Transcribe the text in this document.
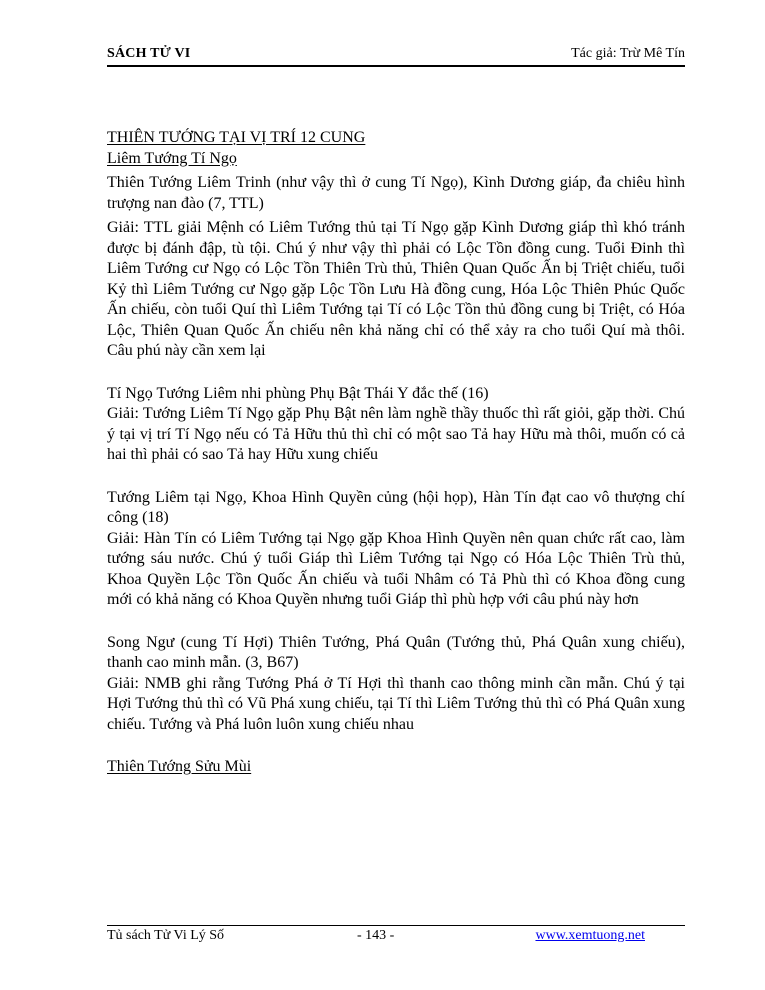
SÁCH TỬ VI	Tác giả: Trừ Mê Tín

THIÊN TƯỚNG TẠI VỊ TRÍ 12 CUNG

Liêm Tướng Tí Ngọ

Thiên Tướng Liêm Trinh (như vậy thì ở cung Tí Ngọ), Kình Dương giáp, đa chiêu hình trượng nan đào (7, TTL)

Giải: TTL giải Mệnh có Liêm Tướng thủ tại Tí Ngọ gặp Kình Dương giáp thì khó tránh được bị đánh đập, tù tội. Chú ý như vậy thì phải có Lộc Tồn đồng cung. Tuổi Đinh thì Liêm Tướng cư Ngọ có Lộc Tồn Thiên Trù thủ, Thiên Quan Quốc Ấn bị Triệt chiếu, tuổi Kỷ thì Liêm Tướng cư Ngọ gặp Lộc Tồn Lưu Hà đồng cung, Hóa Lộc Thiên Phúc Quốc Ấn chiếu, còn tuổi Quí thì Liêm Tướng tại Tí có Lộc Tồn thủ đồng cung bị Triệt, có Hóa Lộc, Thiên Quan Quốc Ấn chiếu nên khả năng chỉ có thể xảy ra cho tuổi Quí mà thôi. Câu phú này cần xem lại

Tí Ngọ Tướng Liêm nhi phùng Phụ Bật Thái Y đắc thế (16)

Giải: Tướng Liêm Tí Ngọ gặp Phụ Bật nên làm nghề thầy thuốc thì rất giỏi, gặp thời. Chú ý tại vị trí Tí Ngọ nếu có Tả Hữu thủ thì chỉ có một sao Tả hay Hữu mà thôi, muốn có cả hai thì phải có sao Tả hay Hữu xung chiếu

Tướng Liêm tại Ngọ, Khoa Hình Quyền củng (hội họp), Hàn Tín đạt cao vô thượng chí công (18)

Giải: Hàn Tín có Liêm Tướng tại Ngọ gặp Khoa Hình Quyền nên quan chức rất cao, làm tướng sáu nước. Chú ý tuổi Giáp thì Liêm Tướng tại Ngọ có Hóa Lộc Thiên Trù thủ, Khoa Quyền Lộc Tồn Quốc Ấn chiếu và tuổi Nhâm có Tả Phù thì có Khoa đồng cung mới có khả năng có Khoa Quyền nhưng tuổi Giáp thì phù hợp với câu phú này hơn

Song Ngư (cung Tí Hợi) Thiên Tướng, Phá Quân (Tướng thủ, Phá Quân xung chiếu), thanh cao minh mẫn. (3, B67)

Giải: NMB ghi rằng Tướng Phá ở Tí Hợi thì thanh cao thông minh cần mẫn. Chú ý tại Hợi Tướng thủ thì có Vũ Phá xung chiếu, tại Tí thì Liêm Tướng thủ thì có Phá Quân xung chiếu. Tướng và Phá luôn luôn xung chiếu nhau

Thiên Tướng Sửu Mùi

Tủ sách Tử Vi Lý Số	- 143 -	www.xemtuong.net
